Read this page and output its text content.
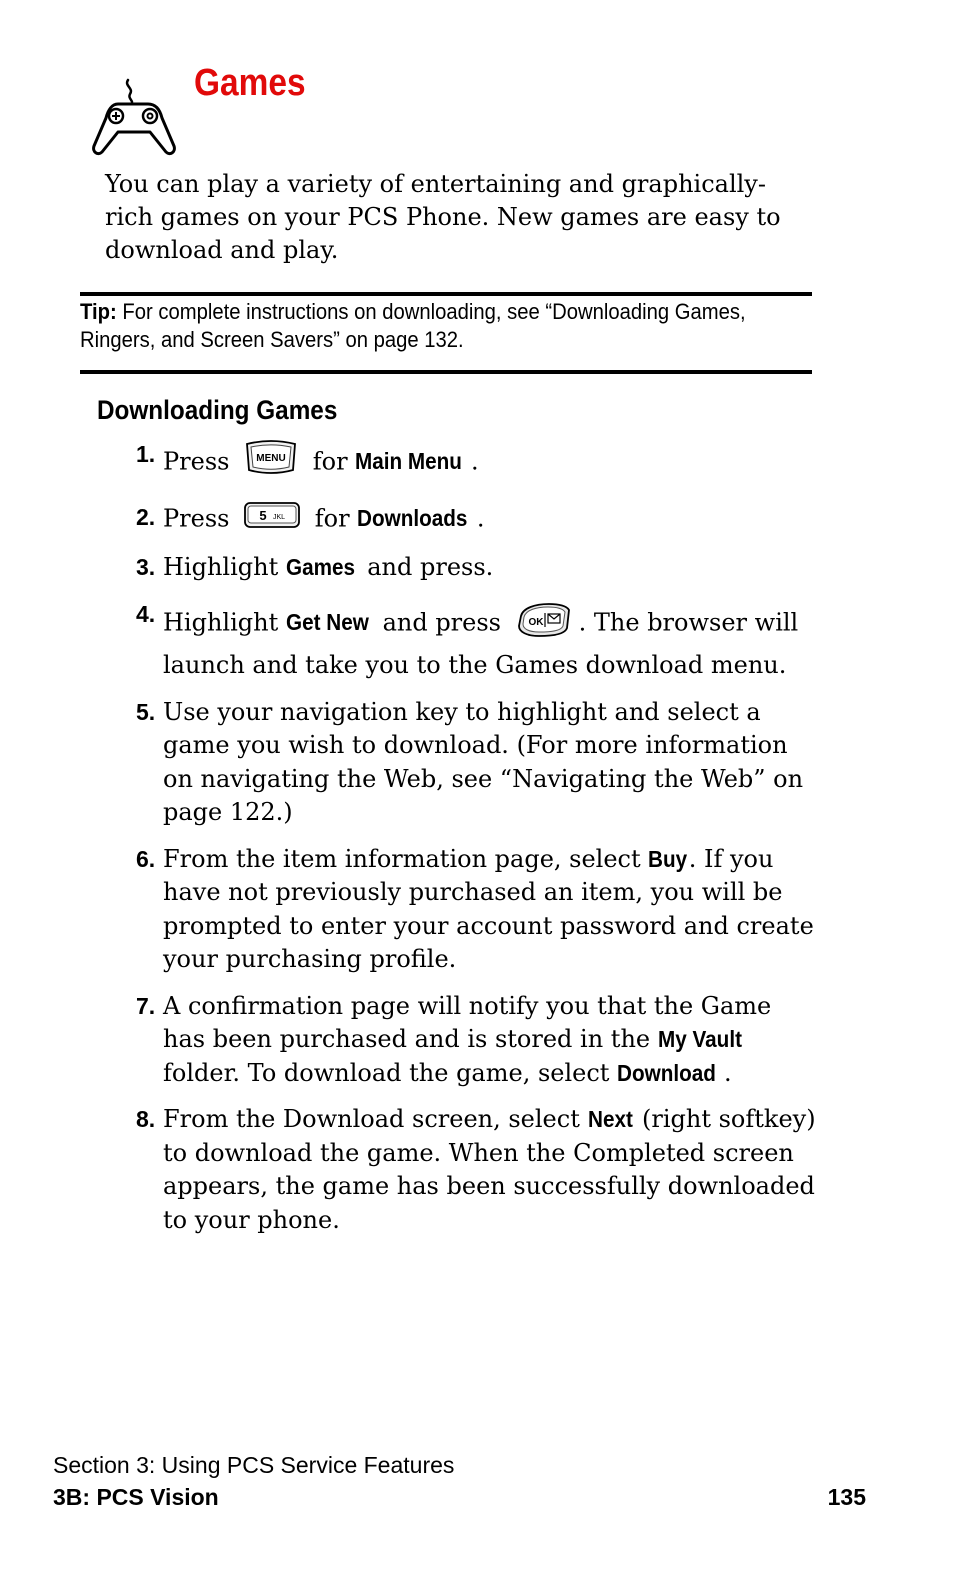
Games
You can play a variety of entertaining and graphically-rich games on your PCS Phone. New games are easy to download and play.
Tip: For complete instructions on downloading, see “Downloading Games, Ringers, and Screen Savers” on page 132.
Downloading Games
1. Press	MENU for Main Menu .
2. Press 5 JKL for Downloads .
3. Highlight Games and press.
4. Highlight Get New and press	OK . The browser will launch and take you to the Games download menu.
5. Use your navigation key to highlight and select a game you wish to download. (For more information on navigating the Web, see “Navigating the Web” on page 122.)
6. From the item information page, select Buy. If you have not previously purchased an item, you will be prompted to enter your account password and create your purchasing profile.
7. A confirmation page will notify you that the Game has been purchased and is stored in the My Vault folder. To download the game, select Download .
8. From the Download screen, select Next (right softkey) to download the game. When the Completed screen appears, the game has been successfully downloaded to your phone.
Section 3: Using PCS Service Features
3B: PCS Vision	135
